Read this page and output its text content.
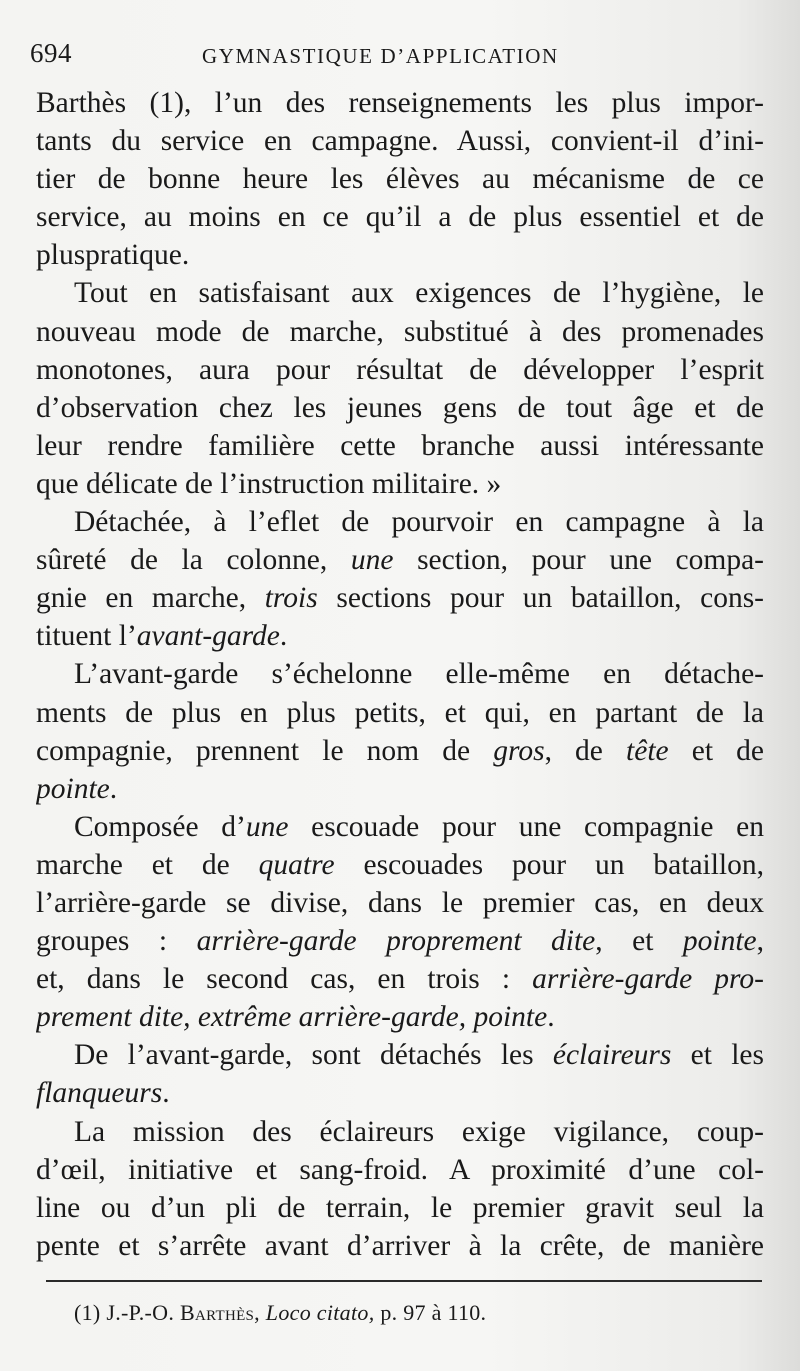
694	GYMNASTIQUE D’APPLICATION
Barthès (1), l’un des renseignements les plus impor-
tants du service en campagne. Aussi, convient-il d’ini-
tier de bonne heure les élèves au mécanisme de ce
service, au moins en ce qu’il a de plus essentiel et de
pluspratique.
Tout en satisfaisant aux exigences de l’hygiène, le
nouveau mode de marche, substitué à des promenades
monotones, aura pour résultat de développer l’esprit
d’observation chez les jeunes gens de tout âge et de
leur rendre familière cette branche aussi intéressante
que délicate de l’instruction militaire. »
Détachée, à l’eflet de pourvoir en campagne à la
sûreté de la colonne, une section, pour une compa-
gnie en marche, trois sections pour un bataillon, cons-
tituent l’avant-garde.
L’avant-garde s’échelonne elle-même en détache-
ments de plus en plus petits, et qui, en partant de la
compagnie, prennent le nom de gros, de tête et de
pointe.
Composée d’une escouade pour une compagnie en
marche et de quatre escouades pour un bataillon,
l’arrière-garde se divise, dans le premier cas, en deux
groupes : arrière-garde proprement dite, et pointe,
et, dans le second cas, en trois : arrière-garde pro-
prement dite, extrême arrière-garde, pointe.
De l’avant-garde, sont détachés les éclaireurs et les
flanqueurs.
La mission des éclaireurs exige vigilance, coup-
d’œil, initiative et sang-froid. A proximité d’une col-
line ou d’un pli de terrain, le premier gravit seul la
pente et s’arrête avant d’arriver à la crête, de manière
(1) J.-P.-O. Barthès, Loco citato, p. 97 à 110.
